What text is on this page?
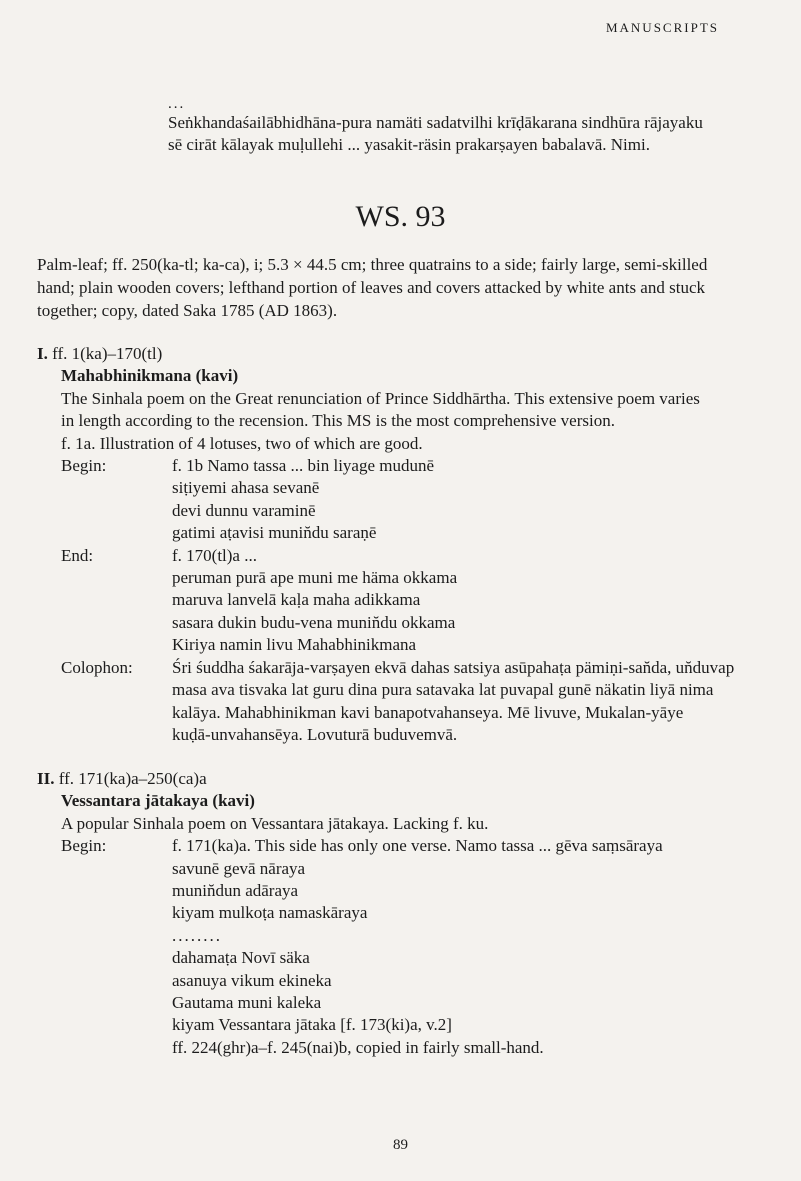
MANUSCRIPTS
...
Seṅkhandaśailābhidhāna-pura namäti sadatvilhi krīḍākarana sindhūra rājayaku
sē cirāt kālayak muḷullehi ... yasakit-räsin prakarṣayen babalavā. Nimi.
WS. 93
Palm-leaf; ff. 250(ka-tl; ka-ca), i; 5.3 × 44.5 cm; three quatrains to a side; fairly large, semi-skilled
hand; plain wooden covers; lefthand portion of leaves and covers attacked by white ants and stuck
together; copy, dated Saka 1785 (AD 1863).
I. ff. 1(ka)–170(tl)
Mahabhinikmana (kavi)
The Sinhala poem on the Great renunciation of Prince Siddhārtha. This extensive poem varies
in length according to the recension. This MS is the most comprehensive version.
f. 1a. Illustration of 4 lotuses, two of which are good.
Begin:	f. 1b Namo tassa ... bin liyage mudunē
siṭiyemi ahasa sevanē
devi dunnu varaminē
gatimi aṭavisi munin̆du saraṇē
End:	f. 170(tl)a ...
peruman purā ape muni me häma okkama
maruva lanvelā kaḷa maha adikkama
sasara dukin budu-vena munin̆du okkama
Kiriya namin livu Mahabhinikmana
Colophon:	Śri śuddha śakarāja-varṣayen ekvā dahas satsiya asūpahaṭa pämiṇi-san̆da, un̆duvap
masa ava tisvaka lat guru dina pura satavaka lat puvapal gunē näkatin liyā nima
kalāya. Mahabhinikman kavi banapotvahanseya. Mē livuve, Mukalan-yāye
kuḍā-unvahansēya. Lovuturā buduvemvā.
II. ff. 171(ka)a–250(ca)a
Vessantara jātakaya (kavi)
A popular Sinhala poem on Vessantara jātakaya. Lacking f. ku.
Begin:	f. 171(ka)a. This side has only one verse. Namo tassa ... gēva saṃsāraya
savunē gevā nāraya
munin̆dun adāraya
kiyam mulkoṭa namaskāraya
........
dahamaṭa Novī säka
asanuya vikum ekineka
Gautama muni kaleka
kiyam Vessantara jātaka [f. 173(ki)a, v.2]
ff. 224(ghr)a–f. 245(nai)b, copied in fairly small-hand.
89
